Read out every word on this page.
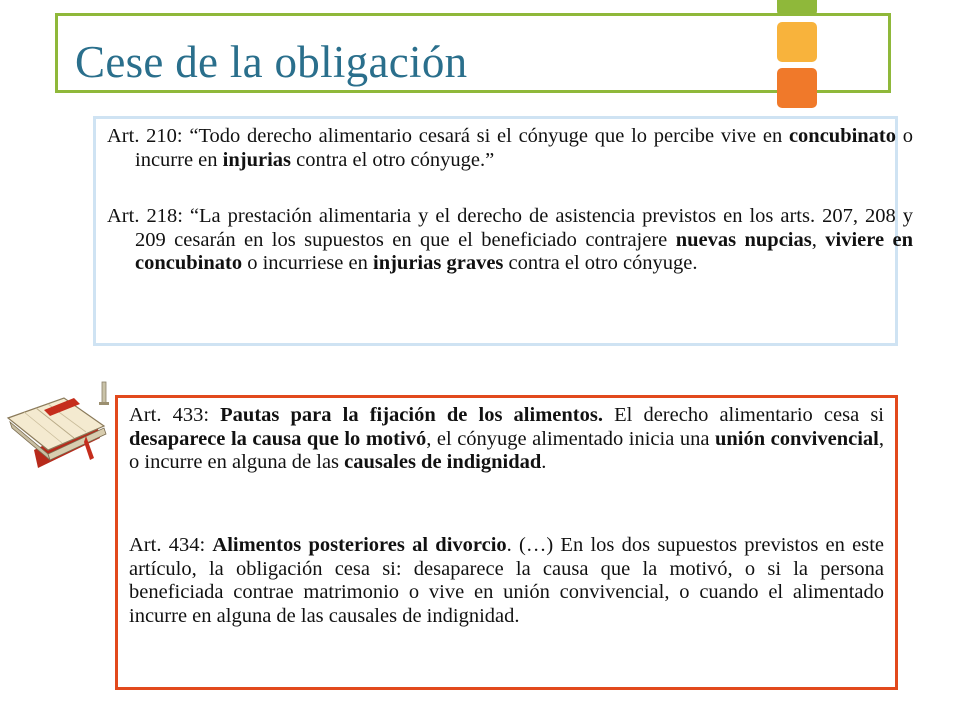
Cese de la obligación

Art. 210: “Todo derecho alimentario cesará si el cónyuge que lo percibe vive en concubinato o incurre en injurias contra el otro cónyuge.”

Art. 218: “La prestación alimentaria y el derecho de asistencia previstos en los arts. 207, 208 y 209 cesarán en los supuestos en que el beneficiado contrajere nuevas nupcias, viviere en concubinato o incurriese en injurias graves contra el otro cónyuge.

Art. 433: Pautas para la fijación de los alimentos. El derecho alimentario cesa si desaparece la causa que lo motivó, el cónyuge alimentado inicia una unión convivencial, o incurre en alguna de las causales de indignidad.

Art. 434: Alimentos posteriores al divorcio. (…) En los dos supuestos previstos en este artículo, la obligación cesa si: desaparece la causa que la motivó, o si la persona beneficiada contrae matrimonio o vive en unión convivencial, o cuando el alimentado incurre en alguna de las causales de indignidad.
